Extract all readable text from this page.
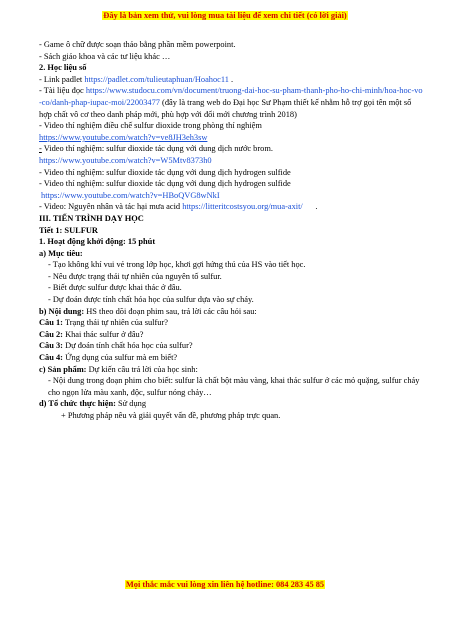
Đây là bản xem thử, vui lòng mua tài liệu để xem chi tiết (có lời giải)
- Game ô chữ được soạn thảo bằng phần mềm powerpoint.
- Sách giáo khoa và các tư liệu khác …
2. Học liệu số
- Link padlet https://padlet.com/tulieutaphuan/Hoahoc11 .
- Tài liệu đọc https://www.studocu.com/vn/document/truong-dai-hoc-su-pham-thanh-pho-ho-chi-minh/hoa-hoc-vo-co/danh-phap-iupac-moi/22003477 (đây là trang web do Đại học Sư Phạm thiết kế nhằm hỗ trợ gọi tên một số hợp chất vô cơ theo danh pháp mới, phù hợp với đổi mới chương trình 2018)
- Video thí nghiệm điều chế sulfur dioxide trong phòng thí nghiệm
https://www.youtube.com/watch?v=ve8JH3eh3sw
- Video thí nghiệm: sulfur dioxide tác dụng với dung dịch nước brom.
https://www.youtube.com/watch?v=W5Mtv8373h0
- Video thí nghiệm: sulfur dioxide tác dụng với dung dịch hydrogen sulfide
- Video thí nghiệm: sulfur dioxide tác dụng với dung dịch hydrogen sulfide
https://www.youtube.com/watch?v=HBoQVG8wNkI
- Video: Nguyên nhân và tác hại mưa acid https://litteritcostsyou.org/mua-axit/      .
III. TIẾN TRÌNH DẠY HỌC
Tiết 1: SULFUR
1. Hoạt động khởi động: 15 phút
a) Mục tiêu:
- Tạo không khí vui vẻ trong lớp học, khơi gợi hứng thú của HS vào tiết học.
- Nêu được trạng thái tự nhiên của nguyên tố sulfur.
- Biết được sulfur được khai thác ở đâu.
- Dự đoán được tính chất hóa học của sulfur dựa vào sự cháy.
b) Nội dung: HS theo dõi đoạn phim sau, trả lời các câu hỏi sau:
Câu 1: Trạng thái tự nhiên của sulfur?
Câu 2: Khai thác sulfur ở đâu?
Câu 3: Dự đoán tính chất hóa học của sulfur?
Câu 4: Ứng dụng của sulfur mà em biết?
c) Sản phẩm: Dự kiến câu trả lời của học sinh:
- Nội dung trong đoạn phim cho biết: sulfur là chất bột màu vàng, khai thác sulfur ở các mỏ quặng, sulfur cháy cho ngọn lửa màu xanh, độc, sulfur nóng chảy…
d) Tổ chức thực hiện: Sử dụng
+ Phương pháp nêu và giải quyết vấn đề, phương pháp trực quan.
Mọi thắc mắc vui lòng xin liên hệ hotline: 084 283 45 85
